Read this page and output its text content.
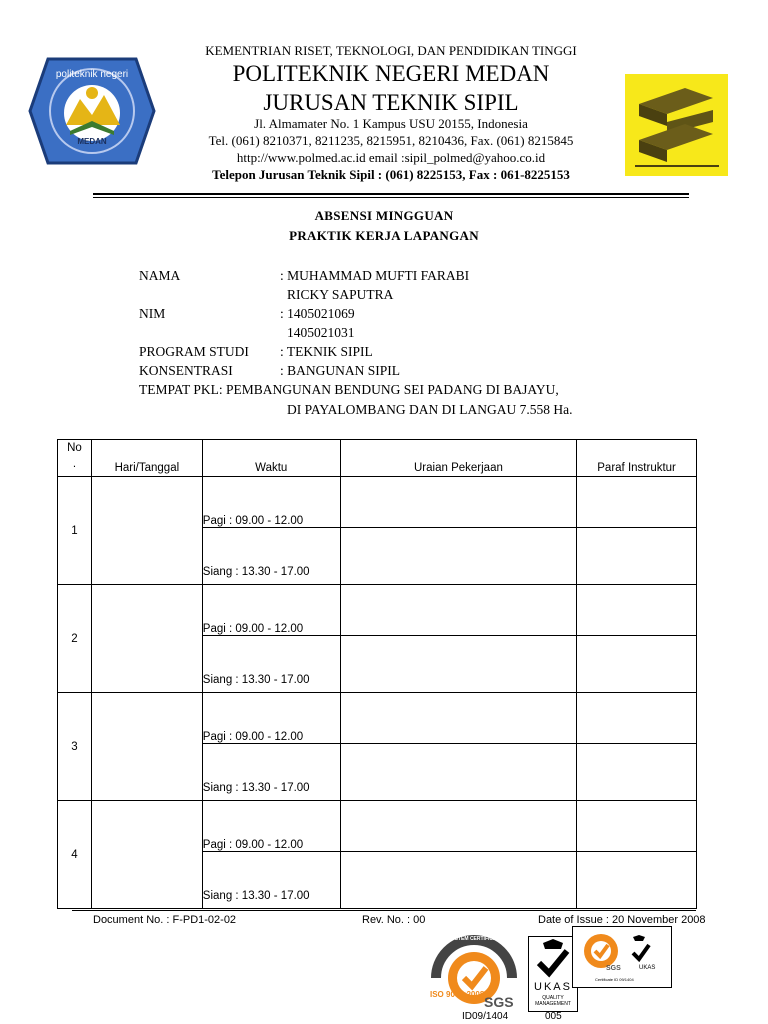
politeknik negeri
MEDAN
KEMENTRIAN RISET, TEKNOLOGI, DAN PENDIDIKAN TINGGI
POLITEKNIK NEGERI MEDAN
JURUSAN TEKNIK SIPIL
Jl. Almamater No. 1 Kampus USU 20155, Indonesia
Tel. (061) 8210371, 8211235, 8215951, 8210436, Fax. (061) 8215845
http://www.polmed.ac.id email :sipil_polmed@yahoo.co.id
Telepon Jurusan Teknik Sipil : (061) 8225153, Fax : 061-8225153
ABSENSI MINGGUAN
PRAKTIK KERJA LAPANGAN
NAMA	: MUHAMMAD MUFTI FARABI
RICKY SAPUTRA
NIM	: 1405021069
1405021031
PROGRAM STUDI : TEKNIK SIPIL
KONSENTRASI	: BANGUNAN SIPIL
TEMPAT PKL: PEMBANGUNAN BENDUNG SEI PADANG DI BAJAYU,
DI PAYALOMBANG DAN DI LANGAU 7.558 Ha.
No
.	Hari/Tanggal	Waktu	Uraian Pekerjaan	Paraf Instruktur
1		Pagi : 09.00 - 12.00		
		Siang : 13.30 - 17.00		
2		Pagi : 09.00 - 12.00		
		Siang : 13.30 - 17.00		
3		Pagi : 09.00 - 12.00		
		Siang : 13.30 - 17.00		
4		Pagi : 09.00 - 12.00		
		Siang : 13.30 - 17.00		
Document No. : F-PD1-02-02	Rev. No. : 00	Date of Issue : 20 November 2008
SYSTEM CERTIFICATION
ISO 9001:2008 SGS
ID09/1404
UKAS
QUALITY MANAGEMENT
005
SGS	UKAS
Certificate ID 09/1404
